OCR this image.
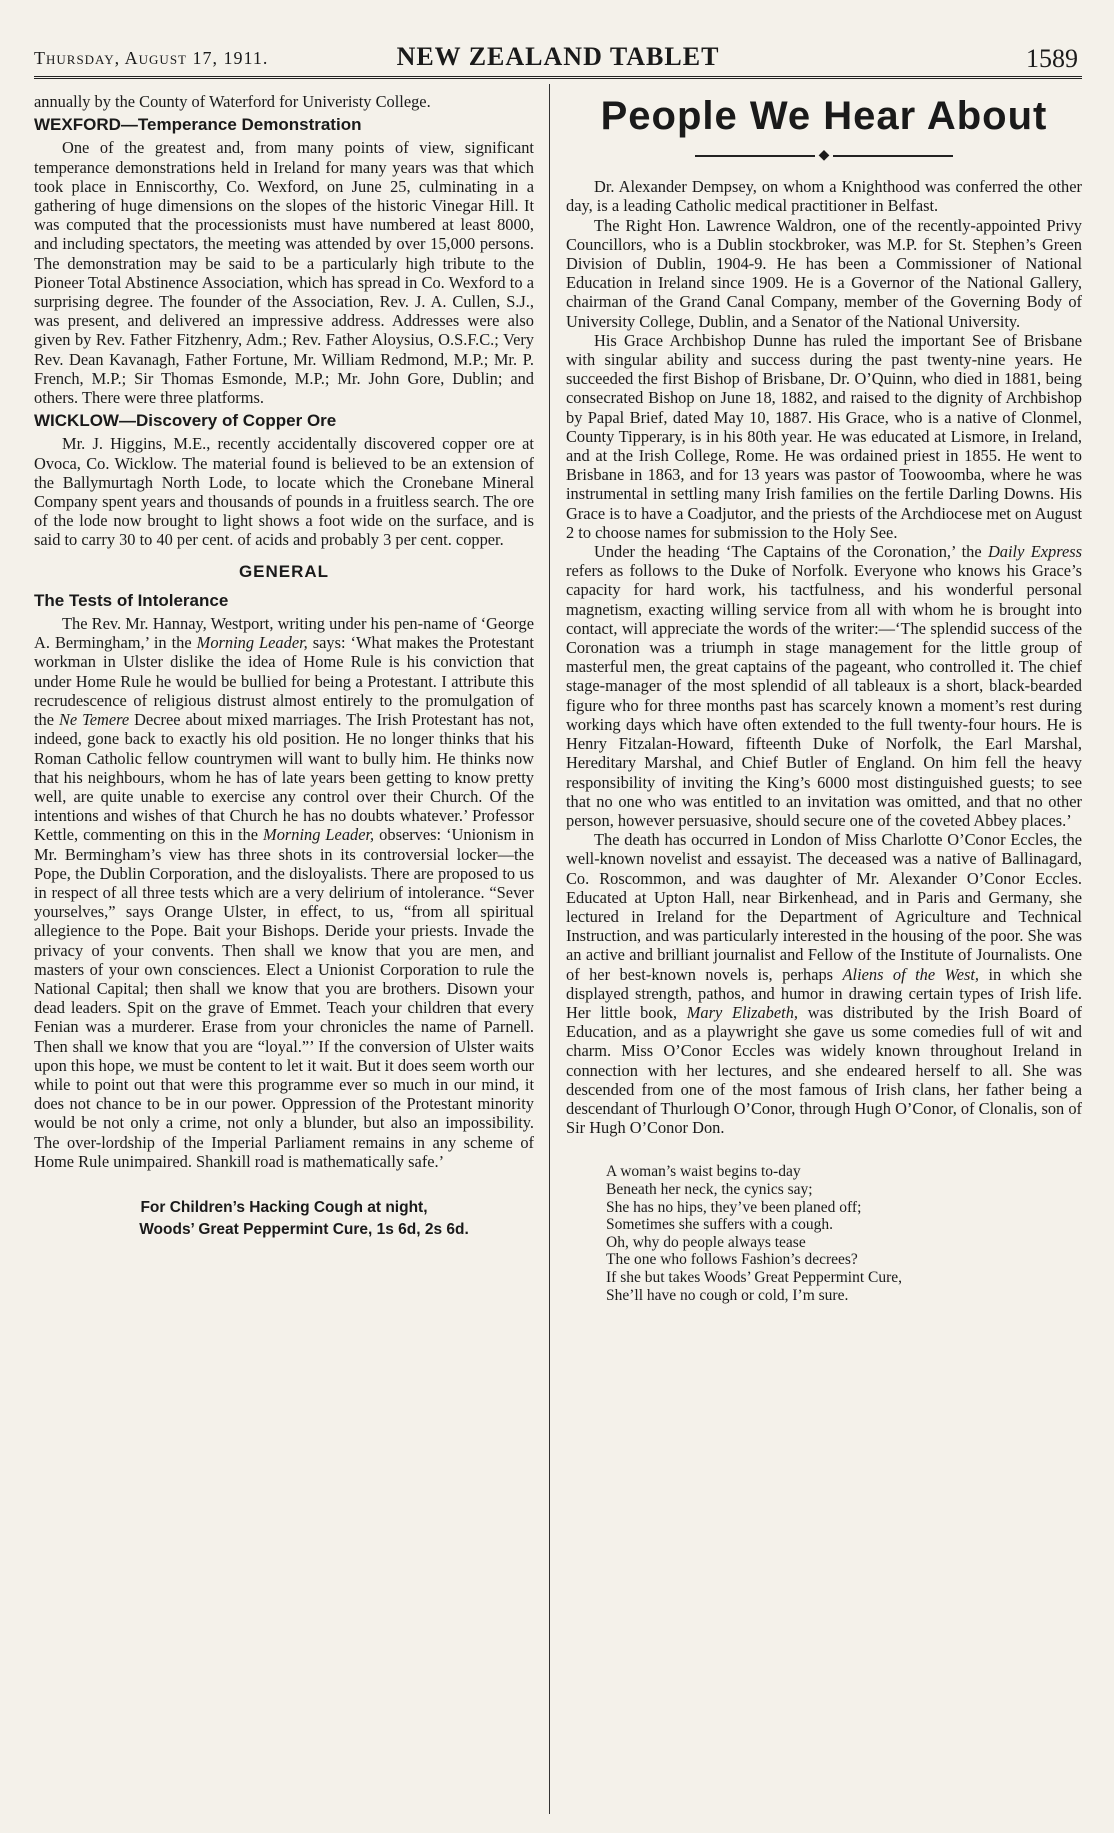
Thursday, August 17, 1911.	NEW ZEALAND TABLET	1589

annually by the County of Waterford for Univeristy College.

WEXFORD—Temperance Demonstration

One of the greatest and, from many points of view, significant temperance demonstrations held in Ireland for many years was that which took place in Enniscorthy, Co. Wexford, on June 25, culminating in a gathering of huge dimensions on the slopes of the historic Vinegar Hill. It was computed that the processionists must have numbered at least 8000, and including spectators, the meeting was attended by over 15,000 persons. The demonstration may be said to be a particularly high tribute to the Pioneer Total Abstinence Association, which has spread in Co. Wexford to a surprising degree. The founder of the Association, Rev. J. A. Cullen, S.J., was present, and delivered an impressive address. Addresses were also given by Rev. Father Fitzhenry, Adm.; Rev. Father Aloysius, O.S.F.C.; Very Rev. Dean Kavanagh, Father Fortune, Mr. William Redmond, M.P.; Mr. P. French, M.P.; Sir Thomas Esmonde, M.P.; Mr. John Gore, Dublin; and others. There were three platforms.

WICKLOW—Discovery of Copper Ore

Mr. J. Higgins, M.E., recently accidentally discovered copper ore at Ovoca, Co. Wicklow. The material found is believed to be an extension of the Ballymurtagh North Lode, to locate which the Cronebane Mineral Company spent years and thousands of pounds in a fruitless search. The ore of the lode now brought to light shows a foot wide on the surface, and is said to carry 30 to 40 per cent. of acids and probably 3 per cent. copper.

GENERAL
The Tests of Intolerance

The Rev. Mr. Hannay, Westport, writing under his pen-name of ‘George A. Bermingham,’ in the Morning Leader, says: ‘What makes the Protestant workman in Ulster dislike the idea of Home Rule is his conviction that under Home Rule he would be bullied for being a Protestant. I attribute this recrudescence of religious distrust almost entirely to the promulgation of the Ne Temere Decree about mixed marriages. The Irish Protestant has not, indeed, gone back to exactly his old position. He no longer thinks that his Roman Catholic fellow countrymen will want to bully him. He thinks now that his neighbours, whom he has of late years been getting to know pretty well, are quite unable to exercise any control over their Church. Of the intentions and wishes of that Church he has no doubts whatever.’ Professor Kettle, commenting on this in the Morning Leader, observes: ‘Unionism in Mr. Bermingham’s view has three shots in its controversial locker—the Pope, the Dublin Corporation, and the disloyalists. There are proposed to us in respect of all three tests which are a very delirium of intolerance. “Sever yourselves,” says Orange Ulster, in effect, to us, “from all spiritual allegience to the Pope. Bait your Bishops. Deride your priests. Invade the privacy of your convents. Then shall we know that you are men, and masters of your own consciences. Elect a Unionist Corporation to rule the National Capital; then shall we know that you are brothers. Disown your dead leaders. Spit on the grave of Emmet. Teach your children that every Fenian was a murderer. Erase from your chronicles the name of Parnell. Then shall we know that you are “loyal.”’ If the conversion of Ulster waits upon this hope, we must be content to let it wait. But it does seem worth our while to point out that were this programme ever so much in our mind, it does not chance to be in our power. Oppression of the Protestant minority would be not only a crime, not only a blunder, but also an impossibility. The over-lordship of the Imperial Parliament remains in any scheme of Home Rule unimpaired. Shankill road is mathematically safe.’

For Children’s Hacking Cough at night,
Woods’ Great Peppermint Cure, 1s 6d, 2s 6d.
People We Hear About
◆

Dr. Alexander Dempsey, on whom a Knighthood was conferred the other day, is a leading Catholic medical practitioner in Belfast.

The Right Hon. Lawrence Waldron, one of the recently-appointed Privy Councillors, who is a Dublin stockbroker, was M.P. for St. Stephen’s Green Division of Dublin, 1904-9. He has been a Commissioner of National Education in Ireland since 1909. He is a Governor of the National Gallery, chairman of the Grand Canal Company, member of the Governing Body of University College, Dublin, and a Senator of the National University.

His Grace Archbishop Dunne has ruled the important See of Brisbane with singular ability and success during the past twenty-nine years. He succeeded the first Bishop of Brisbane, Dr. O’Quinn, who died in 1881, being consecrated Bishop on June 18, 1882, and raised to the dignity of Archbishop by Papal Brief, dated May 10, 1887. His Grace, who is a native of Clonmel, County Tipperary, is in his 80th year. He was educated at Lismore, in Ireland, and at the Irish College, Rome. He was ordained priest in 1855. He went to Brisbane in 1863, and for 13 years was pastor of Toowoomba, where he was instrumental in settling many Irish families on the fertile Darling Downs. His Grace is to have a Coadjutor, and the priests of the Archdiocese met on August 2 to choose names for submission to the Holy See.

Under the heading ‘The Captains of the Coronation,’ the Daily Express refers as follows to the Duke of Norfolk. Everyone who knows his Grace’s capacity for hard work, his tactfulness, and his wonderful personal magnetism, exacting willing service from all with whom he is brought into contact, will appreciate the words of the writer:—‘The splendid success of the Coronation was a triumph in stage management for the little group of masterful men, the great captains of the pageant, who controlled it. The chief stage-manager of the most splendid of all tableaux is a short, black-bearded figure who for three months past has scarcely known a moment’s rest during working days which have often extended to the full twenty-four hours. He is Henry Fitzalan-Howard, fifteenth Duke of Norfolk, the Earl Marshal, Hereditary Marshal, and Chief Butler of England. On him fell the heavy responsibility of inviting the King’s 6000 most distinguished guests; to see that no one who was entitled to an invitation was omitted, and that no other person, however persuasive, should secure one of the coveted Abbey places.’

The death has occurred in London of Miss Charlotte O’Conor Eccles, the well-known novelist and essayist. The deceased was a native of Ballinagard, Co. Roscommon, and was daughter of Mr. Alexander O’Conor Eccles. Educated at Upton Hall, near Birkenhead, and in Paris and Germany, she lectured in Ireland for the Department of Agriculture and Technical Instruction, and was particularly interested in the housing of the poor. She was an active and brilliant journalist and Fellow of the Institute of Journalists. One of her best-known novels is, perhaps Aliens of the West, in which she displayed strength, pathos, and humor in drawing certain types of Irish life. Her little book, Mary Elizabeth, was distributed by the Irish Board of Education, and as a playwright she gave us some comedies full of wit and charm. Miss O’Conor Eccles was widely known throughout Ireland in connection with her lectures, and she endeared herself to all. She was descended from one of the most famous of Irish clans, her father being a descendant of Thurlough O’Conor, through Hugh O’Conor, of Clonalis, son of Sir Hugh O’Conor Don.

A woman’s waist begins to-day
Beneath her neck, the cynics say;
She has no hips, they’ve been planed off;
Sometimes she suffers with a cough.
Oh, why do people always tease
The one who follows Fashion’s decrees?
If she but takes Woods’ Great Peppermint Cure,
She’ll have no cough or cold, I’m sure.
